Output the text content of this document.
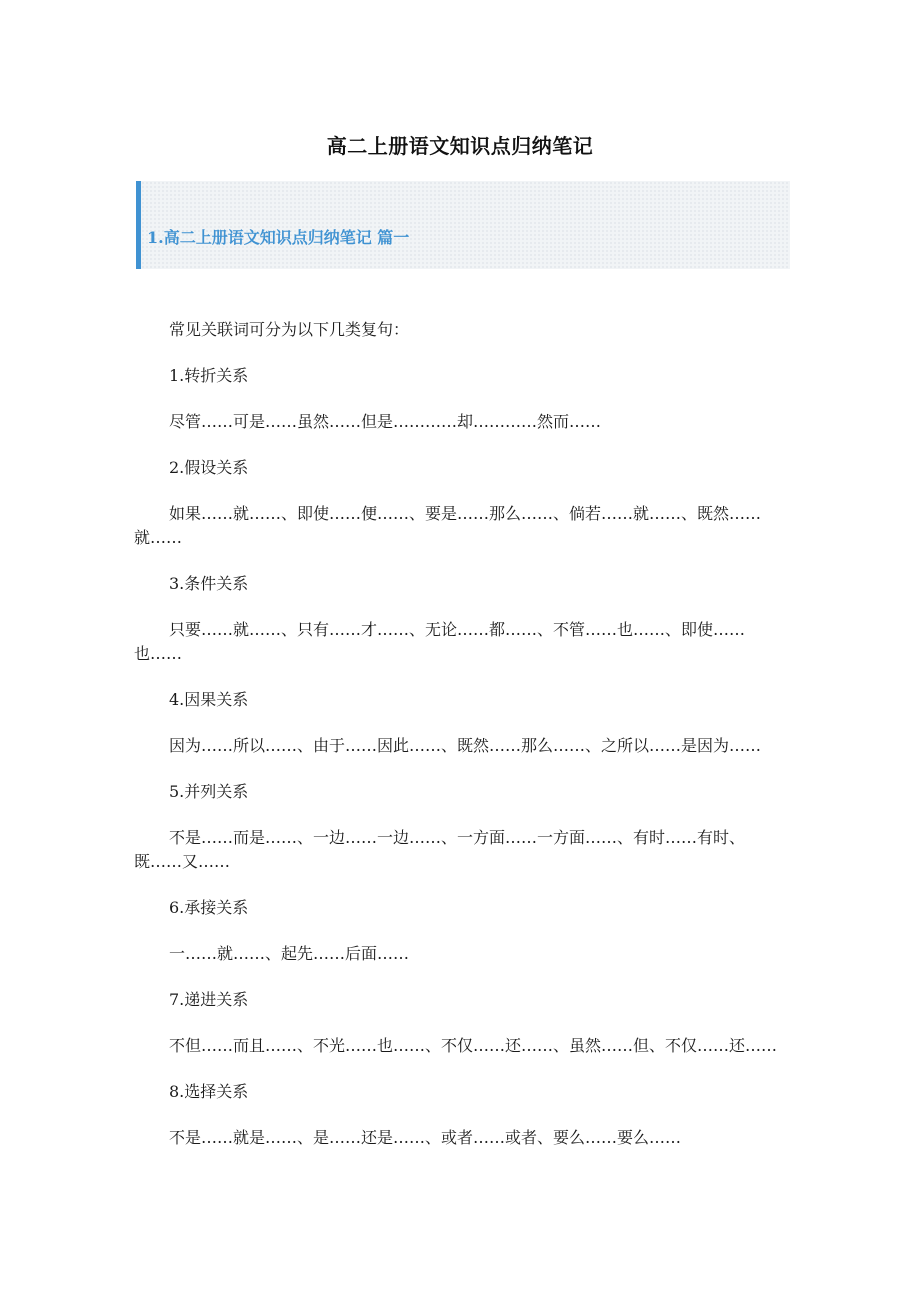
高二上册语文知识点归纳笔记
1.高二上册语文知识点归纳笔记 篇一

常见关联词可分为以下几类复句：

1.转折关系

尽管……可是……虽然……但是…………却…………然而……

2.假设关系

如果……就……、即使……便……、要是……那么……、倘若……就……、既然……就……

3.条件关系

只要……就……、只有……才……、无论……都……、不管……也……、即使……也……

4.因果关系

因为……所以……、由于……因此……、既然……那么……、之所以……是因为……

5.并列关系

不是……而是……、一边……一边……、一方面……一方面……、有时……有时、既……又……

6.承接关系

一……就……、起先……后面……

7.递进关系

不但……而且……、不光……也……、不仅……还……、虽然……但、不仅……还……

8.选择关系

不是……就是……、是……还是……、或者……或者、要么……要么……
